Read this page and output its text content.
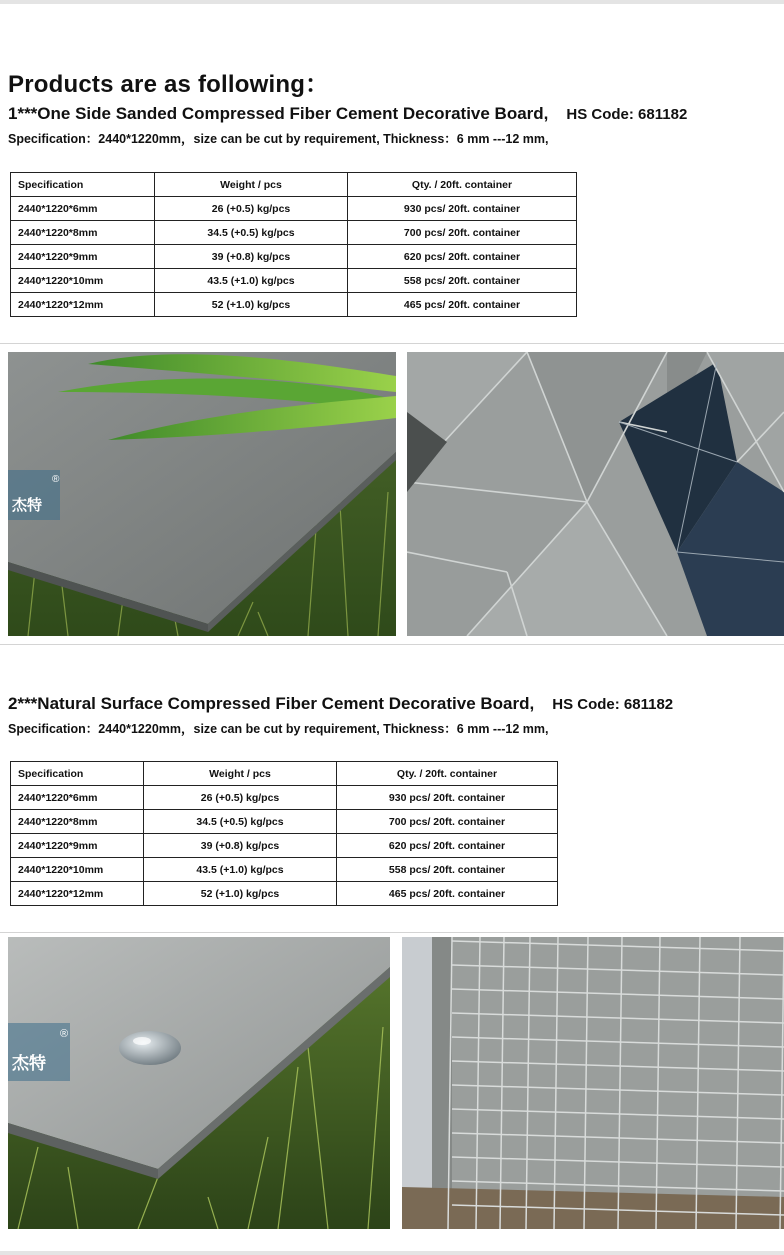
Products are as following：
1***One Side Sanded Compressed Fiber Cement Decorative Board, HS Code: 681182
Specification：2440*1220mm，size can be cut by requirement, Thickness：6 mm ---12 mm,
Specification	Weight / pcs	Qty. / 20ft. container
2440*1220*6mm	26 (+0.5) kg/pcs	930 pcs/ 20ft. container
2440*1220*8mm	34.5 (+0.5) kg/pcs	700 pcs/ 20ft. container
2440*1220*9mm	39 (+0.8) kg/pcs	620 pcs/ 20ft. container
2440*1220*10mm	43.5 (+1.0) kg/pcs	558 pcs/ 20ft. container
2440*1220*12mm	52 (+1.0) kg/pcs	465 pcs/ 20ft. container
杰特
®
2***Natural Surface Compressed Fiber Cement Decorative Board, HS Code: 681182
Specification：2440*1220mm，size can be cut by requirement, Thickness：6 mm ---12 mm,
Specification	Weight / pcs	Qty. / 20ft. container
2440*1220*6mm	26 (+0.5) kg/pcs	930 pcs/ 20ft. container
2440*1220*8mm	34.5 (+0.5) kg/pcs	700 pcs/ 20ft. container
2440*1220*9mm	39 (+0.8) kg/pcs	620 pcs/ 20ft. container
2440*1220*10mm	43.5 (+1.0) kg/pcs	558 pcs/ 20ft. container
2440*1220*12mm	52 (+1.0) kg/pcs	465 pcs/ 20ft. container
杰特
®
